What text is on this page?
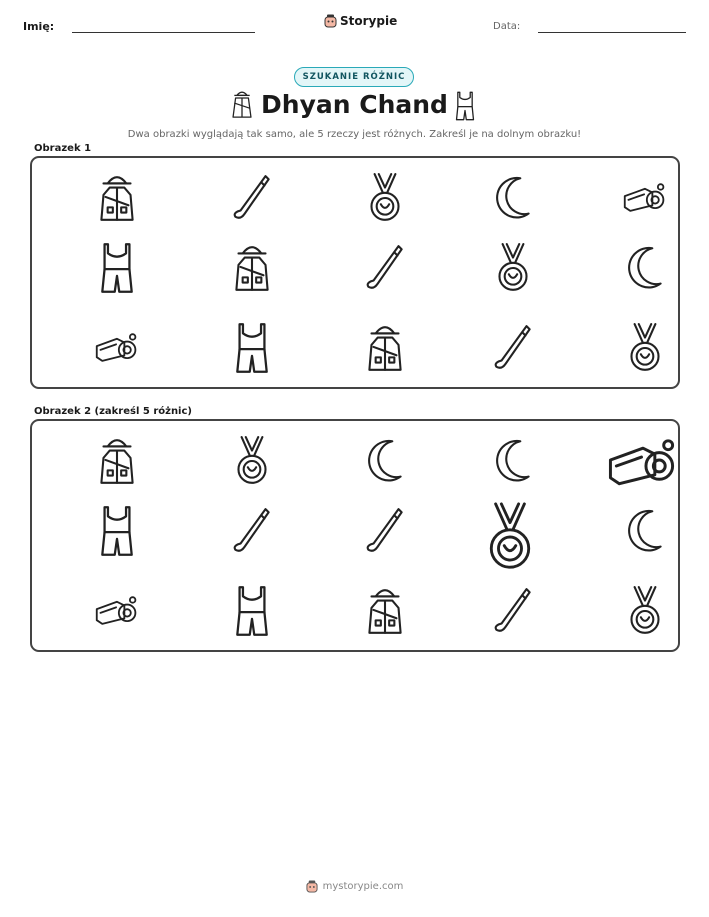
Imię:	Storypie	Data:
SZUKANIE RÓŻNIC
Dhyan Chand
Dwa obrazki wyglądają tak samo, ale 5 rzeczy jest różnych. Zakreśl je na dolnym obrazku!
Obrazek 1
Obrazek 2 (zakreśl 5 różnic)
mystorypie.com
